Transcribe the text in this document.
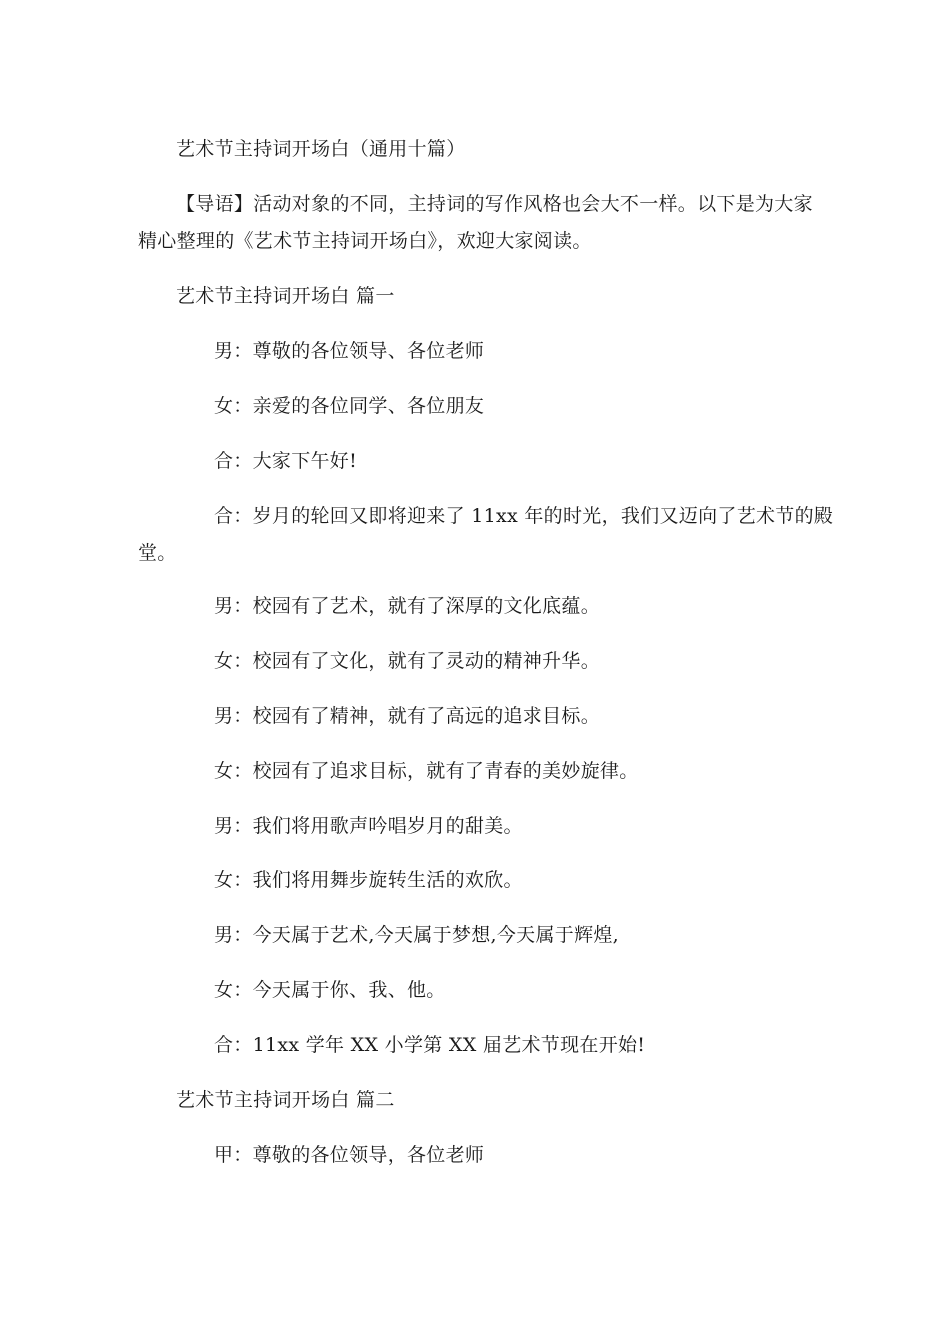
艺术节主持词开场白（通用十篇）
【导语】活动对象的不同，主持词的写作风格也会大不一样。以下是为大家
精心整理的《艺术节主持词开场白》，欢迎大家阅读。
艺术节主持词开场白 篇一
男：尊敬的各位领导、各位老师
女：亲爱的各位同学、各位朋友
合：大家下午好!
合：岁月的轮回又即将迎来了 11xx 年的时光，我们又迈向了艺术节的殿
堂。
男：校园有了艺术，就有了深厚的文化底蕴。
女：校园有了文化，就有了灵动的精神升华。
男：校园有了精神，就有了高远的追求目标。
女：校园有了追求目标，就有了青春的美妙旋律。
男：我们将用歌声吟唱岁月的甜美。
女：我们将用舞步旋转生活的欢欣。
男：今天属于艺术,今天属于梦想,今天属于辉煌,
女：今天属于你、我、他。
合：11xx 学年 XX 小学第 XX 届艺术节现在开始!
艺术节主持词开场白 篇二
甲：尊敬的各位领导，各位老师
